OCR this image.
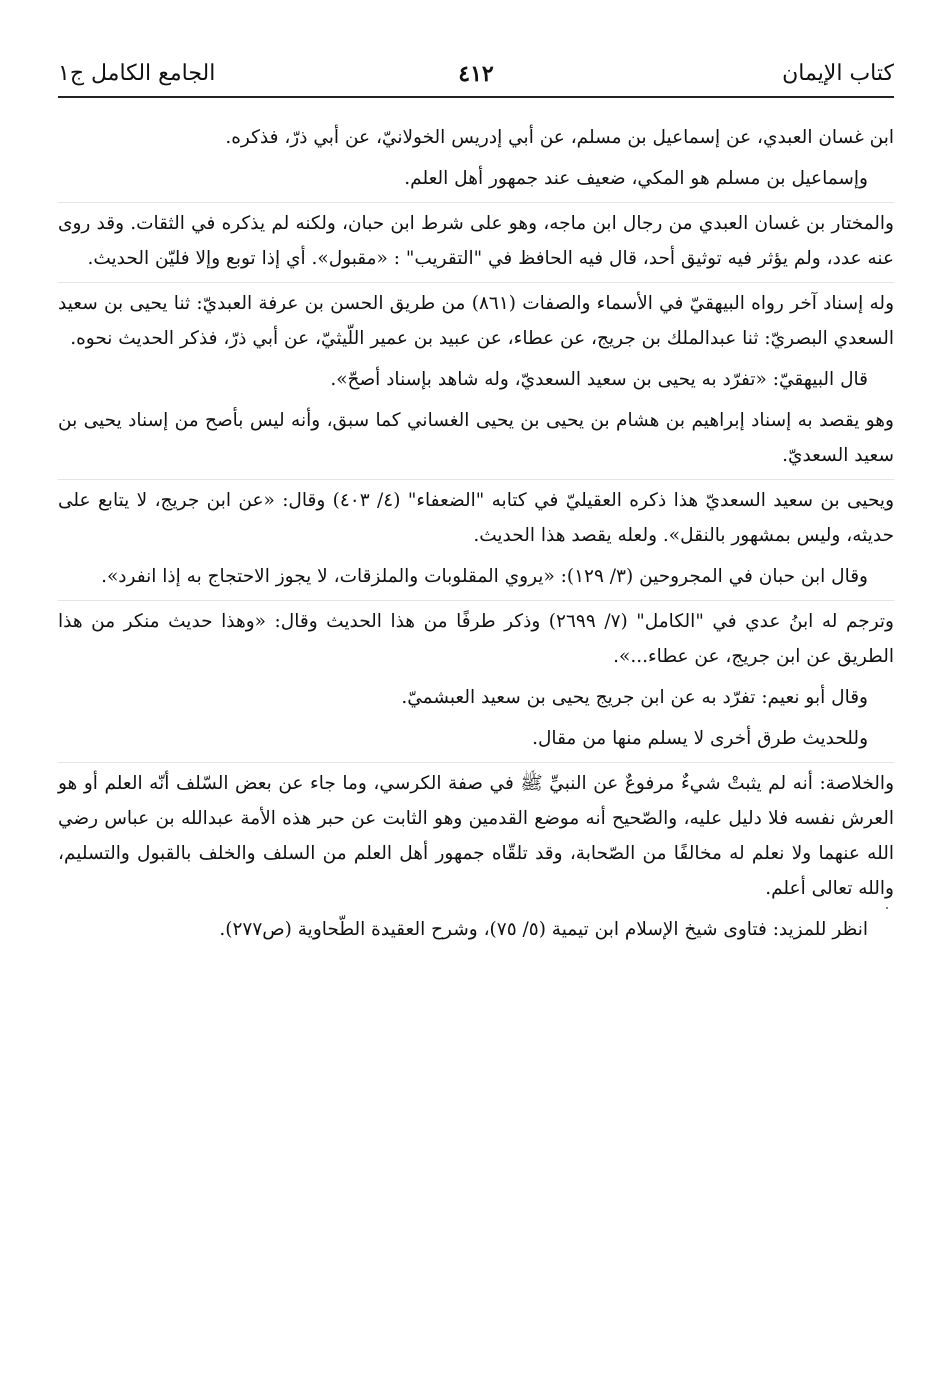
كتاب الإيمان
٤١٢
الجامع الكامل ج١

ابن غسان العبدي، عن إسماعيل بن مسلم، عن أبي إدريس الخولانيّ، عن أبي ذرّ، فذكره.

وإسماعيل بن مسلم هو المكي، ضعيف عند جمهور أهل العلم.

والمختار بن غسان العبدي من رجال ابن ماجه، وهو على شرط ابن حبان، ولكنه لم يذكره في الثقات. وقد روى عنه عدد، ولم يؤثر فيه توثيق أحد، قال فيه الحافظ في "التقريب" : «مقبول». أي إذا توبع وإلا فليّن الحديث.

وله إسناد آخر رواه البيهقيّ في الأسماء والصفات (٨٦١) من طريق الحسن بن عرفة العبديّ: ثنا يحيى بن سعيد السعدي البصريّ: ثنا عبدالملك بن جريج، عن عطاء، عن عبيد بن عمير اللّيثيّ، عن أبي ذرّ، فذكر الحديث نحوه.

قال البيهقيّ: «تفرّد به يحيى بن سعيد السعديّ، وله شاهد بإسناد أصحّ».

وهو يقصد به إسناد إبراهيم بن هشام بن يحيى بن يحيى الغساني كما سبق، وأنه ليس بأصح من إسناد يحيى بن سعيد السعديّ.

ويحيى بن سعيد السعديّ هذا ذكره العقيليّ في كتابه "الضعفاء" (٤/ ٤٠٣) وقال: «عن ابن جريج، لا يتابع على حديثه، وليس بمشهور بالنقل». ولعله يقصد هذا الحديث.

وقال ابن حبان في المجروحين (٣/ ١٢٩): «يروي المقلوبات والملزقات، لا يجوز الاحتجاج به إذا انفرد».

وترجم له ابنُ عدي في "الكامل" (٧/ ٢٦٩٩) وذكر طرفًا من هذا الحديث وقال: «وهذا حديث منكر من هذا الطريق عن ابن جريج، عن عطاء...».

وقال أبو نعيم: تفرّد به عن ابن جريج يحيى بن سعيد العبشميّ.

وللحديث طرق أخرى لا يسلم منها من مقال.

والخلاصة: أنه لم يثبتْ شيءٌ مرفوعٌ عن النبيِّ ﷺ في صفة الكرسي، وما جاء عن بعض السّلف أنّه العلم أو هو العرش نفسه فلا دليل عليه، والصّحيح أنه موضع القدمين وهو الثابت عن حبر هذه الأمة عبدالله بن عباس رضي الله عنهما ولا نعلم له مخالفًا من الصّحابة، وقد تلقّاه جمهور أهل العلم من السلف والخلف بالقبول والتسليم، والله تعالى أعلم.

انظر للمزيد: فتاوى شيخ الإسلام ابن تيمية (٥/ ٧٥)، وشرح العقيدة الطّحاوية (ص٢٧٧).
